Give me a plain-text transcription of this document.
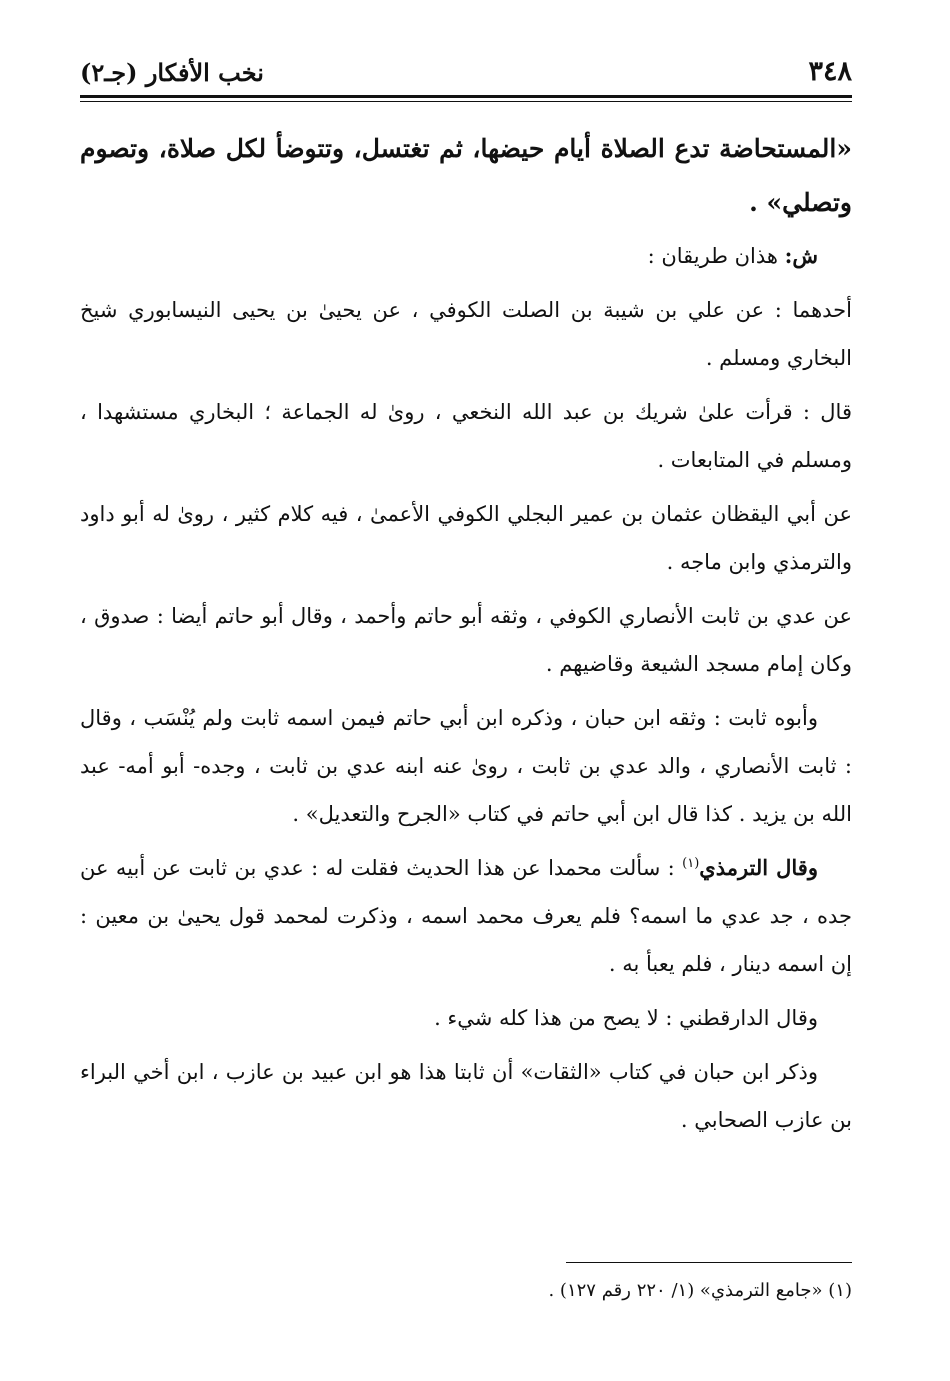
٣٤٨
نخب الأفكار (جـ٢)

«المستحاضة تدع الصلاة أيام حيضها، ثم تغتسل، وتتوضأ لكل صلاة، وتصوم وتصلي» .

ش: هذان طريقان :

أحدهما : عن علي بن شيبة بن الصلت الكوفي ، عن يحيىٰ بن يحيى النيسابوري شيخ البخاري ومسلم .

قال : قرأت علىٰ شريك بن عبد الله النخعي ، روىٰ له الجماعة ؛ البخاري مستشهدا ، ومسلم في المتابعات .

عن أبي اليقظان عثمان بن عمير البجلي الكوفي الأعمىٰ ، فيه كلام كثير ، روىٰ له أبو داود والترمذي وابن ماجه .

عن عدي بن ثابت الأنصاري الكوفي ، وثقه أبو حاتم وأحمد ، وقال أبو حاتم أيضا : صدوق ، وكان إمام مسجد الشيعة وقاضيهم .

وأبوه ثابت : وثقه ابن حبان ، وذكره ابن أبي حاتم فيمن اسمه ثابت ولم يُنْسَب ، وقال : ثابت الأنصاري ، والد عدي بن ثابت ، روىٰ عنه ابنه عدي بن ثابت ، وجده- أبو أمه- عبد الله بن يزيد . كذا قال ابن أبي حاتم في كتاب «الجرح والتعديل» .

وقال الترمذي$^{(١)}$ : سألت محمدا عن هذا الحديث فقلت له : عدي بن ثابت عن أبيه عن جده ، جد عدي ما اسمه؟ فلم يعرف محمد اسمه ، وذكرت لمحمد قول يحيىٰ بن معين : إن اسمه دينار ، فلم يعبأ به .

وقال الدارقطني : لا يصح من هذا كله شيء .

وذكر ابن حبان في كتاب «الثقات» أن ثابتا هذا هو ابن عبيد بن عازب ، ابن أخي البراء بن عازب الصحابي .

(١) «جامع الترمذي» (١/ ٢٢٠ رقم ١٢٧) .
